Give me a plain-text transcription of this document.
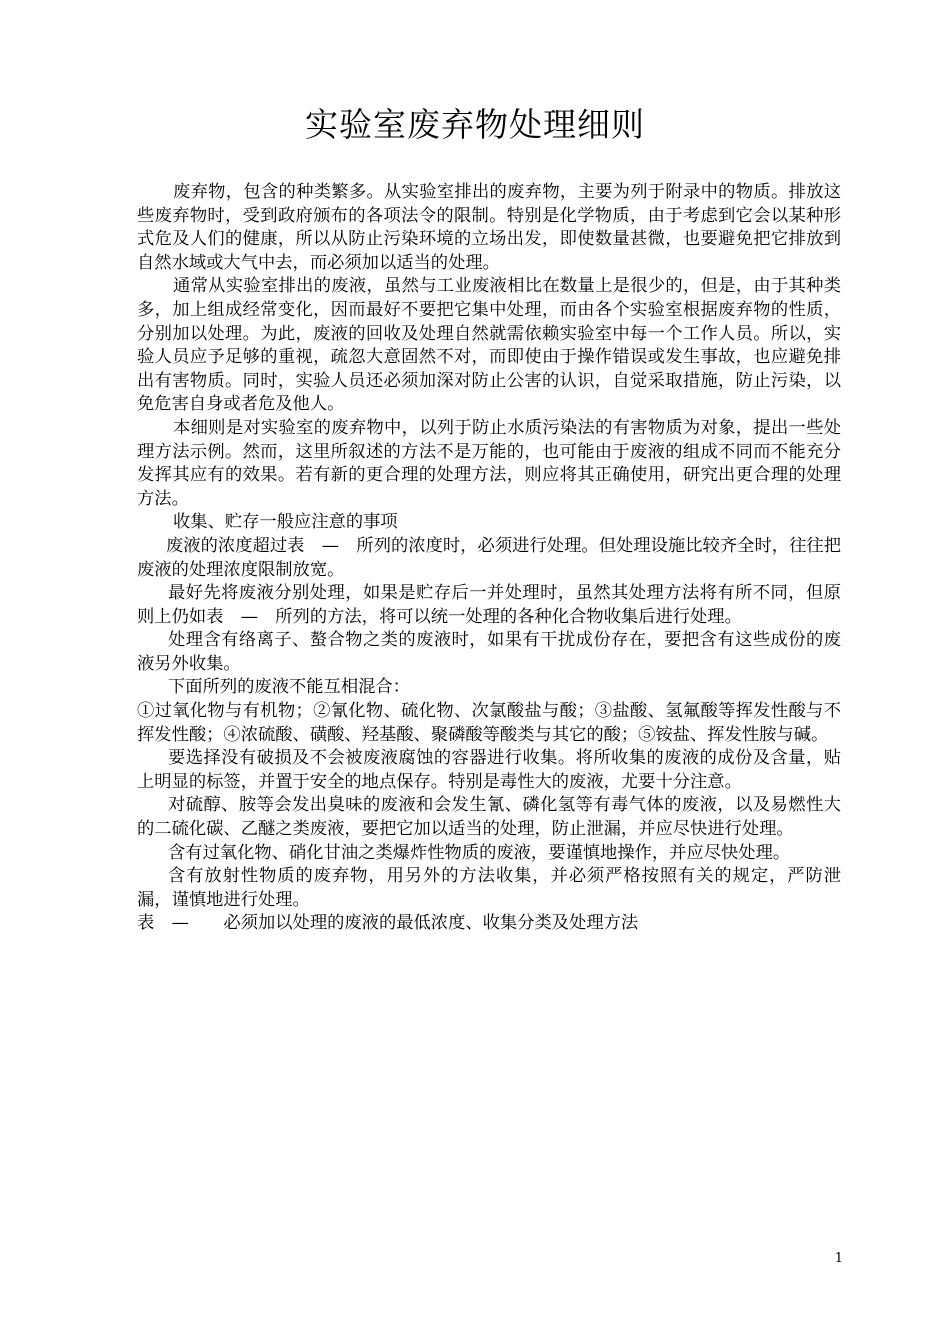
实验室废弃物处理细则

废弃物，包含的种类繁多。从实验室排出的废弃物，主要为列于附录中的物质。排放这些废弃物时，受到政府颁布的各项法令的限制。特别是化学物质，由于考虑到它会以某种形式危及人们的健康，所以从防止污染环境的立场出发，即使数量甚微，也要避免把它排放到自然水域或大气中去，而必须加以适当的处理。

通常从实验室排出的废液，虽然与工业废液相比在数量上是很少的，但是，由于其种类多，加上组成经常变化，因而最好不要把它集中处理，而由各个实验室根据废弃物的性质，分别加以处理。为此，废液的回收及处理自然就需依赖实验室中每一个工作人员。所以，实验人员应予足够的重视，疏忽大意固然不对，而即使由于操作错误或发生事故，也应避免排出有害物质。同时，实验人员还必须加深对防止公害的认识，自觉采取措施，防止污染，以免危害自身或者危及他人。

本细则是对实验室的废弃物中，以列于防止水质污染法的有害物质为对象，提出一些处理方法示例。然而，这里所叙述的方法不是万能的，也可能由于废液的组成不同而不能充分发挥其应有的效果。若有新的更合理的处理方法，则应将其正确使用，研究出更合理的处理方法。

收集、贮存一般应注意的事项

废液的浓度超过表　—　所列的浓度时，必须进行处理。但处理设施比较齐全时，往往把废液的处理浓度限制放宽。

最好先将废液分别处理，如果是贮存后一并处理时，虽然其处理方法将有所不同，但原则上仍如表　—　所列的方法，将可以统一处理的各种化合物收集后进行处理。

处理含有络离子、螯合物之类的废液时，如果有干扰成份存在，要把含有这些成份的废液另外收集。

下面所列的废液不能互相混合：

①过氧化物与有机物；②氰化物、硫化物、次氯酸盐与酸；③盐酸、氢氟酸等挥发性酸与不挥发性酸；④浓硫酸、磺酸、羟基酸、聚磷酸等酸类与其它的酸；⑤铵盐、挥发性胺与碱。

要选择没有破损及不会被废液腐蚀的容器进行收集。将所收集的废液的成份及含量，贴上明显的标签，并置于安全的地点保存。特别是毒性大的废液，尤要十分注意。

对硫醇、胺等会发出臭味的废液和会发生氰、磷化氢等有毒气体的废液，以及易燃性大的二硫化碳、乙醚之类废液，要把它加以适当的处理，防止泄漏，并应尽快进行处理。

含有过氧化物、硝化甘油之类爆炸性物质的废液，要谨慎地操作，并应尽快处理。

含有放射性物质的废弃物，用另外的方法收集，并必须严格按照有关的规定，严防泄漏，谨慎地进行处理。

表　—　　必须加以处理的废液的最低浓度、收集分类及处理方法

1
